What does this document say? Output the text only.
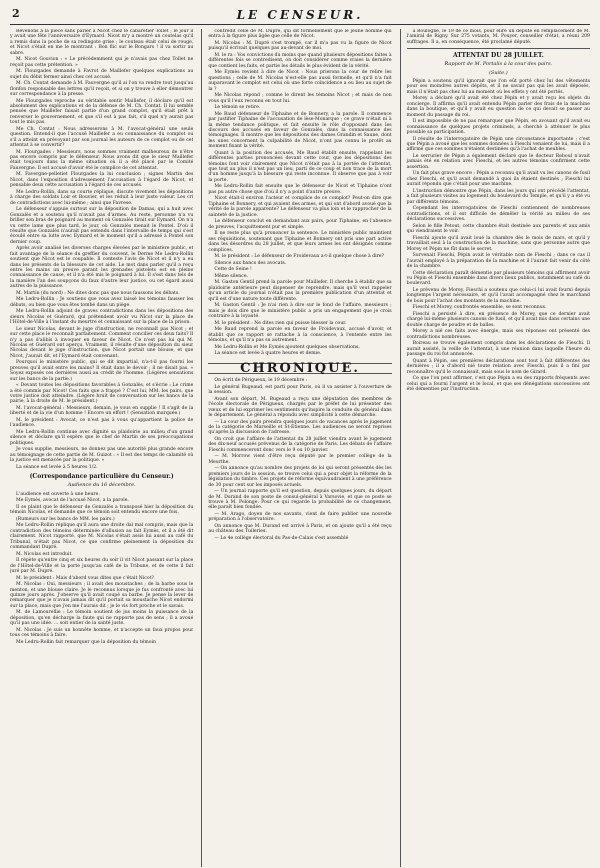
2	LE CENSEUR.

Revenons à la pièce sans parler à Nicot chez le cabaretier Tollet ; le jour il y avait une fête l'anniversaire d'Eymard. Nicot m'y a montré un coutelas qu'il a remis dans la poche de sa redingote grise ; le couteau était celui de rouge, et Nicot s'était en me le montrant : Bon flic sur le Bongars ! il va sortir au sabre.

M. Nicot Gouvion : « Le précédemment qui je n'avais pas chez Tollet ne reçoit pas cette prétention. »

M. Flourgades demande à Favrot de Maillefer quelques explications au sujet du débit fermer ainsi chez cet accusé.

M. Ch. Contat demande à M. Fauvergne qu'il ai l'on va rendre tout jusqu'au flonfon responsable des lettres qu'il reçoit, et si on y trouve à eller démontrer sur correspondance à la presse.

Me Flourgades reproche au véritable sentir Maillefer, il déclare qu'il est absolument des explications et de la défense de M. Ch. Contat. Il lui semble pensée que Maillefer faisait partie d'un grand complot, qu'il était prêt à renverser le gouvernement, et que s'il eut à pas fait, s'il quel n'y aurait pas tout le mis pas.

Me Ch. Contat : Nous adresserons à M. l'avocat-général une seule question. Entend-il que l'accusé Maillefer a eu connaissance du complot ou s'il a atteint en prévoyant par son journal les auteurs de ce complot ou de cet attentat à se convertir?

M. Flourgades : Messieurs, nous sommes vraiment malheureux de n'être pas encore compris par le défenseur. Nous avons dit que le sieur Maillefer était toujours dans la même situation où il a été placé par le Comité Fauvergne. Il est accusé d'avoir été le complice de cet attentat.

M. Favergne-pelletiet Flourgades la lui conclusion ; signes Martin des Nicot, dans l'exposition d'adressement l'accusation à l'égard de Nicot, et pensable deux cette accusation à l'égard de ces accusés.

Me Ledru-Rollin, dans sa courte réplique, discute vivement les dépositions à charge des soldats Loir et Bouvier, et les réduit à leur juste valeur. Les cri de contradictions avec lui-même ; ainsi que Favrese.

Le défenseur s'appuie surtout sur la déposition de Damas, qui a huit avec Gonzalès et a soutenu qu'il n'avait pas d'armes. Au reste, personne n'a vu briller son bras de poignard au moment où Gonzalès tirait sur Eymard. On n'a vu cette lame que plus tard, le jour, où Gonzalès menait le Pontel. D'où il résulte que Gonzalès n'aurait pas entendu dans l'intervalle de temps qui s'est écoulé entre sa lutte avec Eymard et le moment qu'il a adressé à Pontel son dernier coup.

Après avoir analisé les diverses charges élevées par le ministère public, et fait avantage de la séance du greffier du couvent, le Derme Me Ledru-Rollin soutient que Nicot est le coupable. Il conteste l'avis de Nicot et il n'y a eu dans les présents de la blessure de cet aide. Le mot dans parler qu'il a reçu entre les mains un preuve parant les grenades pistolets est en pleine connaissance de cause, et il n'a été mis le poignard à lui. Il s'est dans tels de la manière l'an des soupçons du faux d'autre leur justice, ou cet égard aussi autres de la puissance.

M. Martin (du nord) : Ne dites donc pas que nous faussons les débats.

Me Ledru-Rollin : Je soutiens que vous avez laissé les témoins fausser les débats, ou bien que vous êtes tombé dans un piège.

Me Ledru-Rollin adjoint de graves contradictions dans les dépositions des sieurs Nicolas et Guérard, qui prétendent avoir vu Nicot sur la place de l'Hôtel-de-Ville à l'instant du meurtre et connaissant sur la place de la prison.

Le sieur Nicolas, devant le juge d'instruction, ne reconnaît pas Nicot ; et sur cette place le reconnaît parfaitement. Comment concilier ces deux faits? Il n'y a pas d'alibis à invoquer en faveur de Nicot. Ce n'est pas lui qui M. Nicolas et Guérard ont aperçu. Vraiment, il résulte d'une déposition du sieur Nicolas devant le juge d'instruction, que Nicot portait une blouse, et que Nicot, j'aurait dit, et l'Eymard était convenant.

Pourquoi le ministère public, qui se dit impartial, n'a-t-il pas fourni les preuves qu'il avait entre les mains? Il était dans le devoir ; il ne disait pas. « Soyez exposés ces dernières aussi au crédit de l'homme. (Légères sensations sur les bancs de la partie.)

« Devant toutes les dépositions favorables à Gonzalès, et s'écrie : Le crime a été commis par Nicot! Ces faits que a frappé ? C'est lui, MM. les pairs, que votre justice doit atteindre. (Légère bruit de conversation sur les bancs de la pairie, à la droite de M. le président.)

M. l'avocat-général : Messieurs, demain, je vous en supplie ! Il s'agit de la liberté et de la vie d'un homme ! Encore un effort ! (Sensation marquée.)

M. le président : Avocat, ce n'est pas à vous qu'appartient la police de l'audience.

Me Ledru-Rollin continue avec dignité sa plaidoirie au milieu d'un grand silence et déclare qu'il espère que le chef de Martin de ses préoccupations politiques.

Je vous supplie, messieurs, ne donnez pas une autorité plus grande encore au témoignage de cette partie de M. Guizot : « Il est des temps de calamité où la justice est menacée par la politique. »

La séance est levée à 5 heures 1/2.

(Correspondance particulière du Censeur.)
Audience du 16 décembre.

L'audience est ouverte à une heure.

Me Eymès, avocat de l'accusé Nicot, a la parole.

Il se plaint que le défenseur de Gonzalès a transposé hier la déposition du témoin Nicolas, et demande que ce témoin soit entendu encore une fois.

(Rumeurs sur les bancs de MM. les pairs.)

Me Ledru-Rollin réplique qu'il aura une droite dal mal compris, mais que la contradiction des témoins déterminée d'allusion au fait Eymès, et il a été dit clairement. Nicot rapporté, que M. Nicolas s'était assis lui aussi au café du Tribunal, n'était pas Nicot, ce que confirme pleinement la déposition du commandant Dupré.

M. Nicolas est introduit.

Il répète qu'entre cinq et six heures du soir il vit Nicot passant sur la place de l'Hôtel-de-Ville et la porte jusqu'au café de la Tribune, et de cette il fait juré par M. Dupré.

M. le président : Mais d'abord vous dites que c'était Nicot?

M. Nicolas : Oui, messieurs ; il avait des moustaches ; de la barbe sous le menton, et une blouse claire. Je le reconnus lorsque je fus confronté avec lui quinze jours après. J'observe qu'il avait coupé sa barbe. Je pense la lever de remarquer que je n'avais jamais dit qu'il portait sa moustache Nicot endormi sur la place, mais que j'en me l'aurais dit ; je le vis fort proche et le savais.

M. de Lamourellie : Le témoin soutient de jus moins la puissance de la déposition, qu'en décharge la faute qui ne rapporte pas de sens ; il a avoué qu'il pas une idée. ... soit entier de la santé juste.

M. Nicolas : Je suis un honnête homme, et n'accepte un faux propos pour tous ces témoins à faire.

Me Ledru-Rollin fait remarquer que la déposition du témoin

contredit celle de M. Dupré, qui dit formellement que le jeune homme qui entra à la figure plus âgée que celle de Nicot.

M. Nicolas : M. Dupré s'est trompé, car il m'a pas vu la figure de Nicot puisqu'il écrivait quelques pas au-devant de moi.

M. le ra : Vos convictions du moins que quand plusieurs dépositions faites à différentes fois se contredisent, on doit considérer comme vraies la dernière que contient les faits, et partie les détails le plus évident de la vérité.

Me Eymès revient à dire de Nicot : Nous prierons la cour de relire les questions ; celle de M. Nicolas n'est-elle pas aussi formelle, et qu'il n'a fait auparavant le complot est celui où une forte coïncidence a eu lieu au sujet de la ?

Me Nicolas répond ; comme le dirent les témoins Nicot ; et mais de non vous qu'il l'eux reconnu en tout lui.

Le témoin se retire.

Me Baud défenseur de Tiphaine et de Bonnery, a la parole. Il commence par justifier Tiphaine de l'accusation de lèse-Monarque ; ce grave n'était ni à la même tendance politique, et fait ensuite le rôle d'opposant dans les discours des accusés en faveur de Gonzalès, dans la connaissance des témoignages. Il montre que les dépositions des dames Grandin et Saune, dont les unes concernent la culpabilité de Nicot, n'ont pas connu le protêt au moment fixant la vérité.

Quant à la position des accusés, Me Baud établit ensuite, rappelant les différentes parties prononcées devant cette cour, que les dépositions des témoins font voir clairement que Nicot n'était pas à la portée de l'attentat, que tout au plus il n'est pas un lieu, parti de ce coup et non trace de la mort d'un homme jusqu'à la blessure qui reste inconnue. Il observe que pas à voir la porte.

Me Ledru-Rollin fait ensuite que le défenseur de Nicot et Tiphaine n'ont pas pu autre chose que d'où il n'y a point d'autre preuve.

Nicot était-il environ l'acteur et complice de ce complot? Peut-on dire que Tiphaine et Bonnery, et qui avaient des armes, et qui ont d'abord avoué que la vérité de la parole apparente? Le défenseur va plus loin et le rapprocher de la sainteté de la justice.

Le défenseur conclut en demandant aux pairs, pour Tiphaine, en l'absence de preuves, l'acquittement pur et simple.

Il ne reste plus qu'à prononcer la sentence. Le ministère public maintient ses réquisitions, soutenant que Tiphaine et Bonnery ont pris une part active dans les désordres du 28 juillet, et que leurs armes les ont désignés comme complices.

M. le président : Le défenseur de Froidevaux a-t-il quelque chose à dire?

Silence aux bancs des avocats.

Cette de Seine !

Même silence.

M. Gaston Gentil prend la parole pour Maillefer. Il cherche à établir que sa plaidoirie antérieure peut dispenser de reprendre, mais qu'il veut rappeler qu'un article du journal n'était pas la première publication d'un attentat et qu'il est d'une nature toute différente.

M. Gaston Gentil : Je n'ai rien à dire sur le fond de l'affaire, messieurs ; mais je dois dire que le ministère public a pris un engagement que je crois contraire à la loyauté.

M. le président : Ne dites rien qui puisse blesser la cour.

Me Baud reprend la parole en faveur de Froidevaux, accusé d'avoir, et établit que ce rapport se rattache à la conscience, à l'entente entre les témoins, et qu'il n'a pas su autrement.

Me Ledru-Rollin et Me Eymès ajoutent quelques observations.

La séance est levée à quatre heures et demie.

CHRONIQUE.

On écrit de Périgueux, le 19 décembre :

Le général Bugeaud, est parti pour Paris, où il va assister à l'ouverture de la session.

Avant son départ, M. Bugeaud a reçu une députation des membres de l'école électorale de Périgueux, chargés par le préfet de lui présenter des vœux et de lui exprimer les sentiments qu'inspire la conduite du général dans le département. Le général a répondu avec simplicité à cette démarche.

— La cour des pairs prendra quelques jours de vacances après le jugement de la catégorie de Marseille et St-Étienne. Les audiences ne seront reprises qu'après la discussion de l'adresse.

On croit que l'affaire de l'attentat du 28 juillet viendra avant le jugement des dix-neuf accusés prévenus de la catégorie de Paris. Les débats de l'affaire Fieschi commenceront donc vers le 9 ou 10 janvier.

— M. Morrow vient d'être reçu député par le premier collège de la Meurthe.

— On annonce qu'au nombre des projets de loi qui seront présentés dès les premiers jours de la session, se trouve celui qui a pour objet la réforme de la législation du timbre. Ces projets de réforme équivaudraient à une préférence de 30 pour cent sur les imposés actuels.

— Un journal rapporte qu'il est question, depuis quelques jours, du départ de M. Durand de son poste de consul-général à Varsovie, et que ce poste se trouve à M. Polonge. Pour ce qui regarde la probabilité de ce changement, elle paraît bien fondée.

— M. Arago, doyen de nos savants, vient de faire publier une nouvelle préparation à l'observatoire.

On annonce que M. Durand est arrivé à Paris, et on ajoute qu'il a été reçu au château des Tuileries.

— Le 4e collège électoral du Pas-de-Calais s'est assemblé

à Boulogne, le 19 de ce mois, pour élire un député en remplacement de M. l'amiral de Rigny. Sur 275 votants, M. Pouyer, conseiller d'état, a réuni 209 suffrages. Il a, en conséquence, été proclamé député.

ATTENTAT DU 28 JUILLET.
Rapport de M. Portalis à la cour des pairs.
(Suite.)

Pépin a soutenu qu'il ignorait que l'on eût porté chez lui des vêtements pour ses moindres autres dépôts, et il ne savait pas qui les avait déposés, mais il n'était pas chez lui au moment où les effets y ont été portés.

Morey a déclaré qu'il avait été chez Pépin et y avait reçu les objets du concierge. Il affirma qu'il avait entendu Pépin parler des frais de la machine dans la boutique, et qu'il y avait eu question de ce qui devait se passer au moment du passage du roi.

Il est impossible de ne pas remarquer que Pépin, en avouant qu'il avait eu connaissance de quelques projets criminels, a cherché à atténuer le plus possible sa participation.

Il résulte de l'interrogatoire de Pépin une circonstance importante ; c'est que Pépin a avoué que les sommes données à Fieschi venaient de lui, mais il a affirmé que ces sommes n'étaient destinées qu'à l'achat de meubles.

Le serrurier de Pépin a également déclaré que le docteur Reboul n'avait jamais été en relation avec Fieschi, et les autres témoins confirment cette assertion.

Un fait plus grave encore : Pépin a reconnu qu'il avait vu les canons de fusil chez Fieschi, et qu'il avait demandé à quoi ils étaient destinés ; Fieschi lui aurait répondu que c'était pour une machine.

L'instruction démontre que Pépin, dans les jours qui ont précédé l'attentat, a fait plusieurs visites au logement du boulevard du Temple, et qu'il y a été vu par différents témoins.

Cependant les interrogatoires de Fieschi contiennent de nombreuses contradictions, et il est difficile de démêler la vérité au milieu de ses déclarations successives.

Selon le fille Petout, cette chambre était destinée aux parents et aux amis qui viendraient le voir.

Fieschi ajoute qu'il avait loué la chambre dès le mois de mars, et qu'il y travaillait seul à la construction de la machine, sans que personne autre que Morey et Pépin ne fût dans le secret.

Survenait Fieschi, Pépin avait le véritable nom de Fieschi ; dans ce cas il l'aurait employé à la préparation de la machine et il l'aurait fait venir du côté de la chambre.

Cette déclaration paraît démentie par plusieurs témoins qui affirment avoir vu Pépin et Fieschi ensemble dans divers lieux publics, notamment au café du boulevard.

Le prévenu de Morey, Fieschi a soutenu que celui-ci lui avait fourni depuis longtemps l'argent nécessaire, et qu'il l'avait accompagné chez le marchand de bois pour l'achat des montants de la machine.

Fieschi et Morey, confrontés ensemble, se sont reconnus.

Fieschi a persisté à dire, en présence de Morey, que ce dernier avait chargé lui-même plusieurs canons de fusil, et qu'il avait mis dans certains une double charge de poudre et de balles.

Morey a nié ces faits avec énergie, mais ses réponses ont présenté des contradictions nombreuses.

Boireau se trouve également compris dans les déclarations de Fieschi. Il aurait assisté, la veille de l'attentat, à une réunion dans laquelle l'heure du passage du roi fut annoncée.

Quant à Pépin, ses premières déclarations sont tout à fait différentes des dernières ; il a d'abord nié toute relation avec Fieschi, puis il a fini par reconnaître qu'il le connaissait, mais sous le nom de Girard.

Ce que l'on peut affirmer, c'est que Pépin a eu des rapports fréquents avec celui qui a fourni l'argent et le local, et que ses dénégations successives ont été démenties par l'instruction.
